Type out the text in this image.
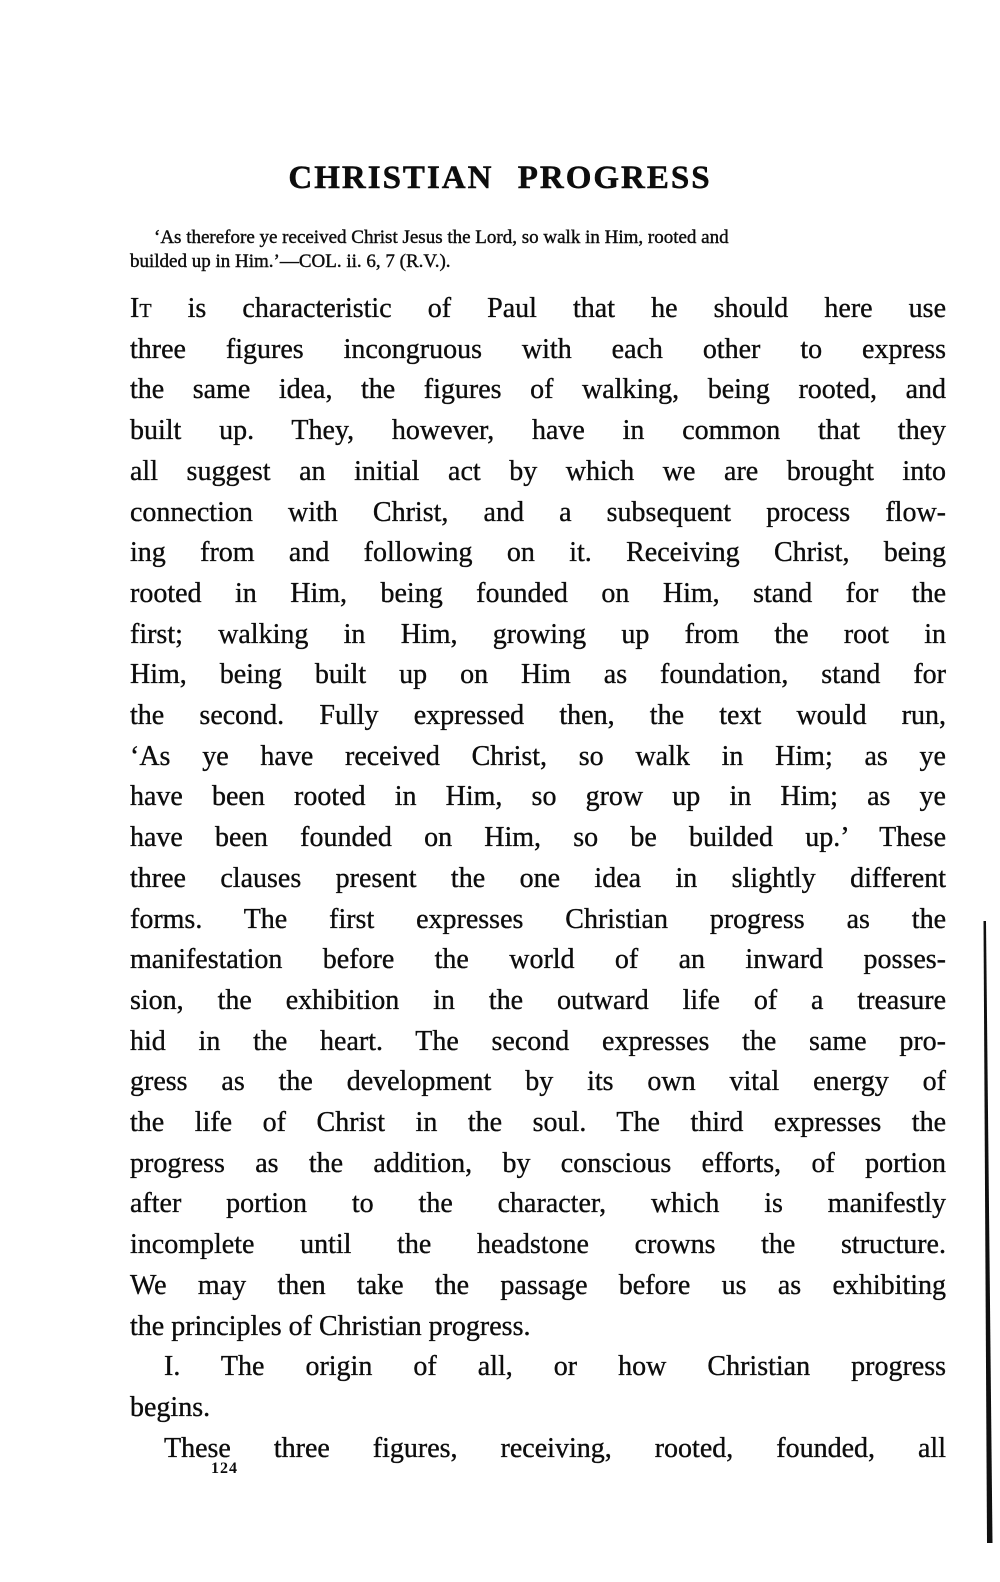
CHRISTIAN PROGRESS
‘As therefore ye received Christ Jesus the Lord, so walk in Him, rooted and
builded up in Him.’—COL. ii. 6, 7 (R.V.).
It is characteristic of Paul that he should here use
three figures incongruous with each other to express
the same idea, the figures of walking, being rooted, and
built up. They, however, have in common that they
all suggest an initial act by which we are brought into
connection with Christ, and a subsequent process flow-
ing from and following on it. Receiving Christ, being
rooted in Him, being founded on Him, stand for the
first; walking in Him, growing up from the root in
Him, being built up on Him as foundation, stand for
the second. Fully expressed then, the text would run,
‘As ye have received Christ, so walk in Him; as ye
have been rooted in Him, so grow up in Him; as ye
have been founded on Him, so be builded up.’ These
three clauses present the one idea in slightly different
forms. The first expresses Christian progress as the
manifestation before the world of an inward posses-
sion, the exhibition in the outward life of a treasure
hid in the heart. The second expresses the same pro-
gress as the development by its own vital energy of
the life of Christ in the soul. The third expresses the
progress as the addition, by conscious efforts, of portion
after portion to the character, which is manifestly
incomplete until the headstone crowns the structure.
We may then take the passage before us as exhibiting
the principles of Christian progress.
I. The origin of all, or how Christian progress
begins.
These three figures, receiving, rooted, founded, all
124
